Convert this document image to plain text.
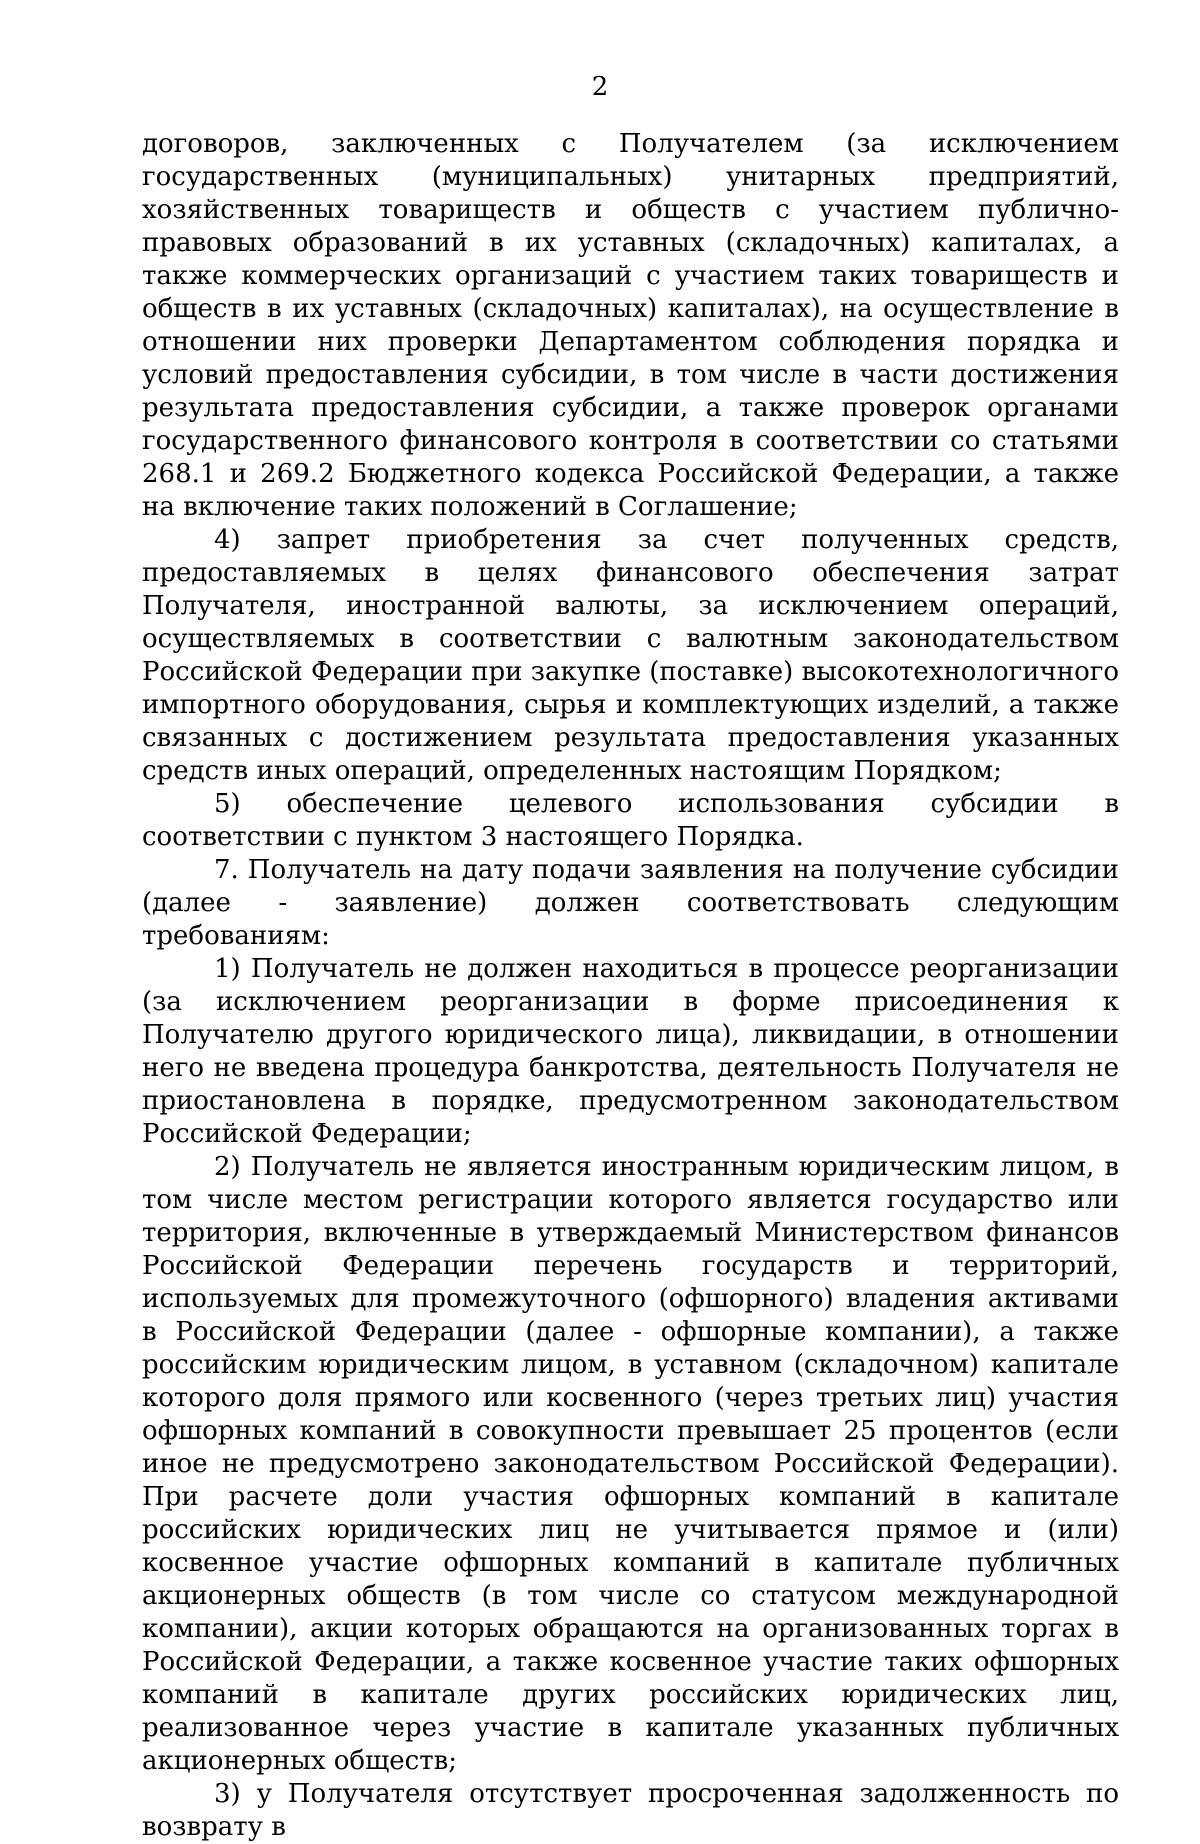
2

договоров, заключенных с Получателем (за исключением государственных (муниципальных) унитарных предприятий, хозяйственных товариществ и обществ с участием публично-правовых образований в их уставных (складочных) капиталах, а также коммерческих организаций с участием таких товариществ и обществ в их уставных (складочных) капиталах), на осуществление в отношении них проверки Департаментом соблюдения порядка и условий предоставления субсидии, в том числе в части достижения результата предоставления субсидии, а также проверок органами государственного финансового контроля в соответствии со статьями 268.1 и 269.2 Бюджетного кодекса Российской Федерации, а также на включение таких положений в Соглашение;

4) запрет приобретения за счет полученных средств, предоставляемых в целях финансового обеспечения затрат Получателя, иностранной валюты, за исключением операций, осуществляемых в соответствии с валютным законодательством Российской Федерации при закупке (поставке) высокотехнологичного импортного оборудования, сырья и комплектующих изделий, а также связанных с достижением результата предоставления указанных средств иных операций, определенных настоящим Порядком;

5) обеспечение целевого использования субсидии в соответствии с пунктом 3 настоящего Порядка.

7. Получатель на дату подачи заявления на получение субсидии (далее - заявление) должен соответствовать следующим требованиям:

1) Получатель не должен находиться в процессе реорганизации (за исключением реорганизации в форме присоединения к Получателю другого юридического лица), ликвидации, в отношении него не введена процедура банкротства, деятельность Получателя не приостановлена в порядке, предусмотренном законодательством Российской Федерации;

2) Получатель не является иностранным юридическим лицом, в том числе местом регистрации которого является государство или территория, включенные в утверждаемый Министерством финансов Российской Федерации перечень государств и территорий, используемых для промежуточного (офшорного) владения активами в Российской Федерации (далее - офшорные компании), а также российским юридическим лицом, в уставном (складочном) капитале которого доля прямого или косвенного (через третьих лиц) участия офшорных компаний в совокупности превышает 25 процентов (если иное не предусмотрено законодательством Российской Федерации). При расчете доли участия офшорных компаний в капитале российских юридических лиц не учитывается прямое и (или) косвенное участие офшорных компаний в капитале публичных акционерных обществ (в том числе со статусом международной компании), акции которых обращаются на организованных торгах в Российской Федерации, а также косвенное участие таких офшорных компаний в капитале других российских юридических лиц, реализованное через участие в капитале указанных публичных акционерных обществ;

3) у Получателя отсутствует просроченная задолженность по возврату в
